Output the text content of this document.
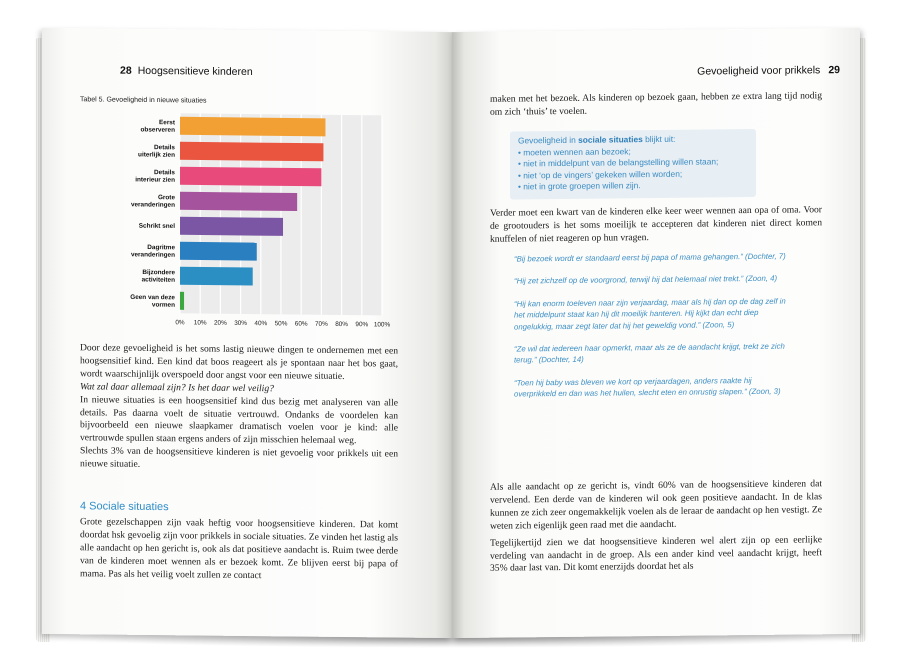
28 Hoogsensitieve kinderen
Tabel 5. Gevoeligheid in nieuwe situaties
0% 10% 20% 30% 40% 50% 60% 70% 80% 90% 100%
Eerstobserveren
Detailsuiterlijk zien
Detailsinterieur zien
Groteveranderingen
Schrikt snel
Dagritmeveranderingen
Bijzondereactiviteiten
Geen van dezevormen

Door deze gevoeligheid is het soms lastig nieuwe dingen te ondernemen met een hoogsensitief kind. Een kind dat boos reageert als je spontaan naar het bos gaat, wordt waarschijnlijk overspoeld door angst voor een nieuwe situatie.

Wat zal daar allemaal zijn? Is het daar wel veilig?

In nieuwe situaties is een hoogsensitief kind dus bezig met analyseren van alle details. Pas daarna voelt de situatie vertrouwd. Ondanks de voordelen kan bijvoorbeeld een nieuwe slaapkamer dramatisch voelen voor je kind: alle vertrouwde spullen staan ergens anders of zijn misschien helemaal weg.

Slechts 3% van de hoogsensitieve kinderen is niet gevoelig voor prikkels uit een nieuwe situatie.

4 Sociale situaties

Grote gezelschappen zijn vaak heftig voor hoogsensitieve kinderen. Dat komt doordat hsk gevoelig zijn voor prikkels in sociale situaties. Ze vinden het lastig als alle aandacht op hen gericht is, ook als dat positieve aandacht is. Ruim twee derde van de kinderen moet wennen als er bezoek komt. Ze blijven eerst bij papa of mama. Pas als het veilig voelt zullen ze contact

Gevoeligheid voor prikkels 29

maken met het bezoek. Als kinderen op bezoek gaan, hebben ze extra lang tijd nodig om zich ‘thuis’ te voelen.

Gevoeligheid in sociale situaties blijkt uit:
• moeten wennen aan bezoek;
• niet in middelpunt van de belangstelling willen staan;
• niet ‘op de vingers’ gekeken willen worden;
• niet in grote groepen willen zijn.

Verder moet een kwart van de kinderen elke keer weer wennen aan opa of oma. Voor de grootouders is het soms moeilijk te accepteren dat kinderen niet direct komen knuffelen of niet reageren op hun vragen.

“Bij bezoek wordt er standaard eerst bij papa of mama gehangen.” (Dochter, 7)

“Hij zet zichzelf op de voorgrond, terwijl hij dat helemaal niet trekt.” (Zoon, 4)

“Hij kan enorm toeleven naar zijn verjaardag, maar als hij dan op de dag zelf in het middelpunt staat kan hij dit moeilijk hanteren. Hij kijkt dan echt diep ongelukkig, maar zegt later dat hij het geweldig vond.” (Zoon, 5)

“Ze wil dat iedereen haar opmerkt, maar als ze de aandacht krijgt, trekt ze zich terug.” (Dochter, 14)

“Toen hij baby was bleven we kort op verjaardagen, anders raakte hij overprikkeld en dan was het huilen, slecht eten en onrustig slapen.” (Zoon, 3)

Als alle aandacht op ze gericht is, vindt 60% van de hoogsensitieve kinderen dat vervelend. Een derde van de kinderen wil ook geen positieve aandacht. In de klas kunnen ze zich zeer ongemakkelijk voelen als de leraar de aandacht op hen vestigt. Ze weten zich eigenlijk geen raad met die aandacht.

Tegelijkertijd zien we dat hoogsensitieve kinderen wel alert zijn op een eerlijke verdeling van aandacht in de groep. Als een ander kind veel aandacht krijgt, heeft 35% daar last van. Dit komt enerzijds doordat het als
